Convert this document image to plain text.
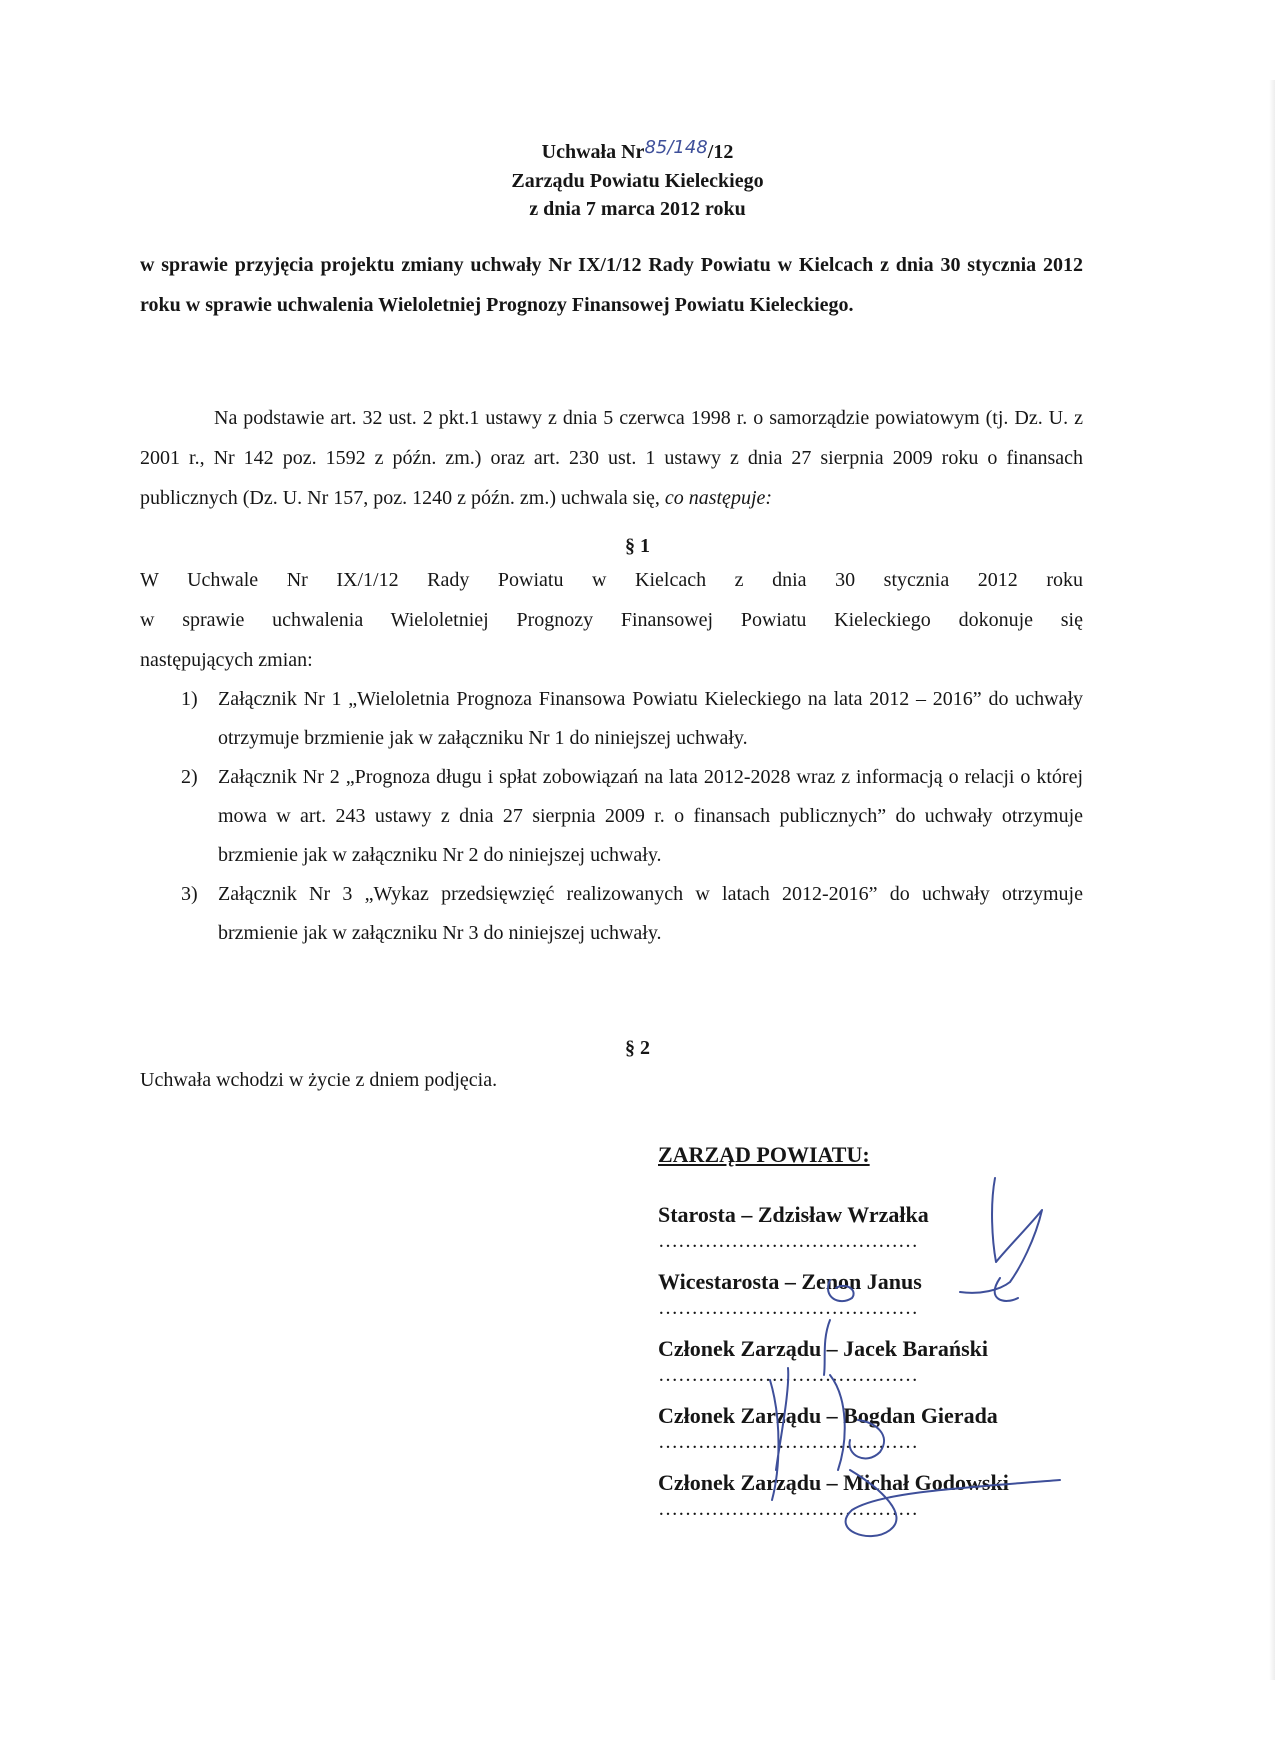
Uchwała Nr85/148/12
Zarządu Powiatu Kieleckiego
z dnia 7 marca 2012 roku
w sprawie przyjęcia projektu zmiany uchwały Nr IX/1/12 Rady Powiatu w Kielcach z dnia 30 stycznia 2012 roku w sprawie uchwalenia Wieloletniej Prognozy Finansowej Powiatu Kieleckiego.
Na podstawie art. 32 ust. 2 pkt.1 ustawy z dnia 5 czerwca 1998 r. o samorządzie powiatowym (tj. Dz. U. z 2001 r., Nr 142 poz. 1592 z późn. zm.) oraz art. 230 ust. 1 ustawy z dnia 27 sierpnia 2009 roku o finansach publicznych (Dz. U. Nr 157, poz. 1240 z późn. zm.) uchwala się, co następuje:
§ 1
W Uchwale Nr IX/1/12 Rady Powiatu w Kielcach z dnia 30 stycznia 2012 roku
w sprawie uchwalenia Wieloletniej Prognozy Finansowej Powiatu Kieleckiego dokonuje się
następujących zmian:
1) Załącznik Nr 1 „Wieloletnia Prognoza Finansowa Powiatu Kieleckiego na lata 2012 – 2016” do uchwały otrzymuje brzmienie jak w załączniku Nr 1 do niniejszej uchwały.
2) Załącznik Nr 2 „Prognoza długu i spłat zobowiązań na lata 2012-2028 wraz z informacją o relacji o której mowa w art. 243 ustawy z dnia 27 sierpnia 2009 r. o finansach publicznych” do uchwały otrzymuje brzmienie jak w załączniku Nr 2 do niniejszej uchwały.
3) Załącznik Nr 3 „Wykaz przedsięwzięć realizowanych w latach 2012-2016” do uchwały otrzymuje brzmienie jak w załączniku Nr 3 do niniejszej uchwały.
§ 2
Uchwała wchodzi w życie z dniem podjęcia.
ZARZĄD POWIATU:
Starosta – Zdzisław Wrzałka
…………………………………
Wicestarosta – Zenon Janus
…………………………………
Członek Zarządu – Jacek Barański
…………………………………
Członek Zarządu – Bogdan Gierada
…………………………………
Członek Zarządu – Michał Godowski
…………………………………
